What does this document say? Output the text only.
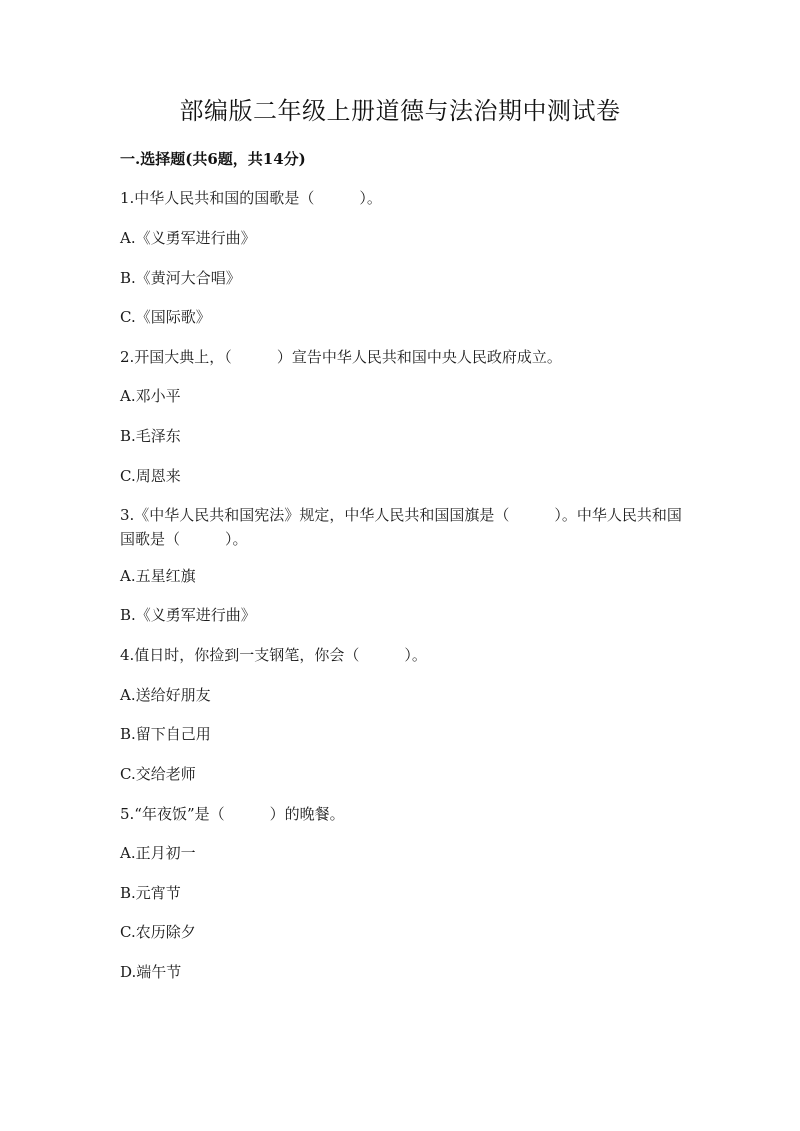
部编版二年级上册道德与法治期中测试卷
一.选择题(共6题，共14分)
1.中华人民共和国的国歌是（　　　）。
A.《义勇军进行曲》
B.《黄河大合唱》
C.《国际歌》
2.开国大典上，（　　　）宣告中华人民共和国中央人民政府成立。
A.邓小平
B.毛泽东
C.周恩来
3.《中华人民共和国宪法》规定，中华人民共和国国旗是（　　　）。中华人民共和国国歌是（　　　）。
A.五星红旗
B.《义勇军进行曲》
4.值日时，你捡到一支钢笔，你会（　　　）。
A.送给好朋友
B.留下自己用
C.交给老师
5.“年夜饭”是（　　　）的晚餐。
A.正月初一
B.元宵节
C.农历除夕
D.端午节
